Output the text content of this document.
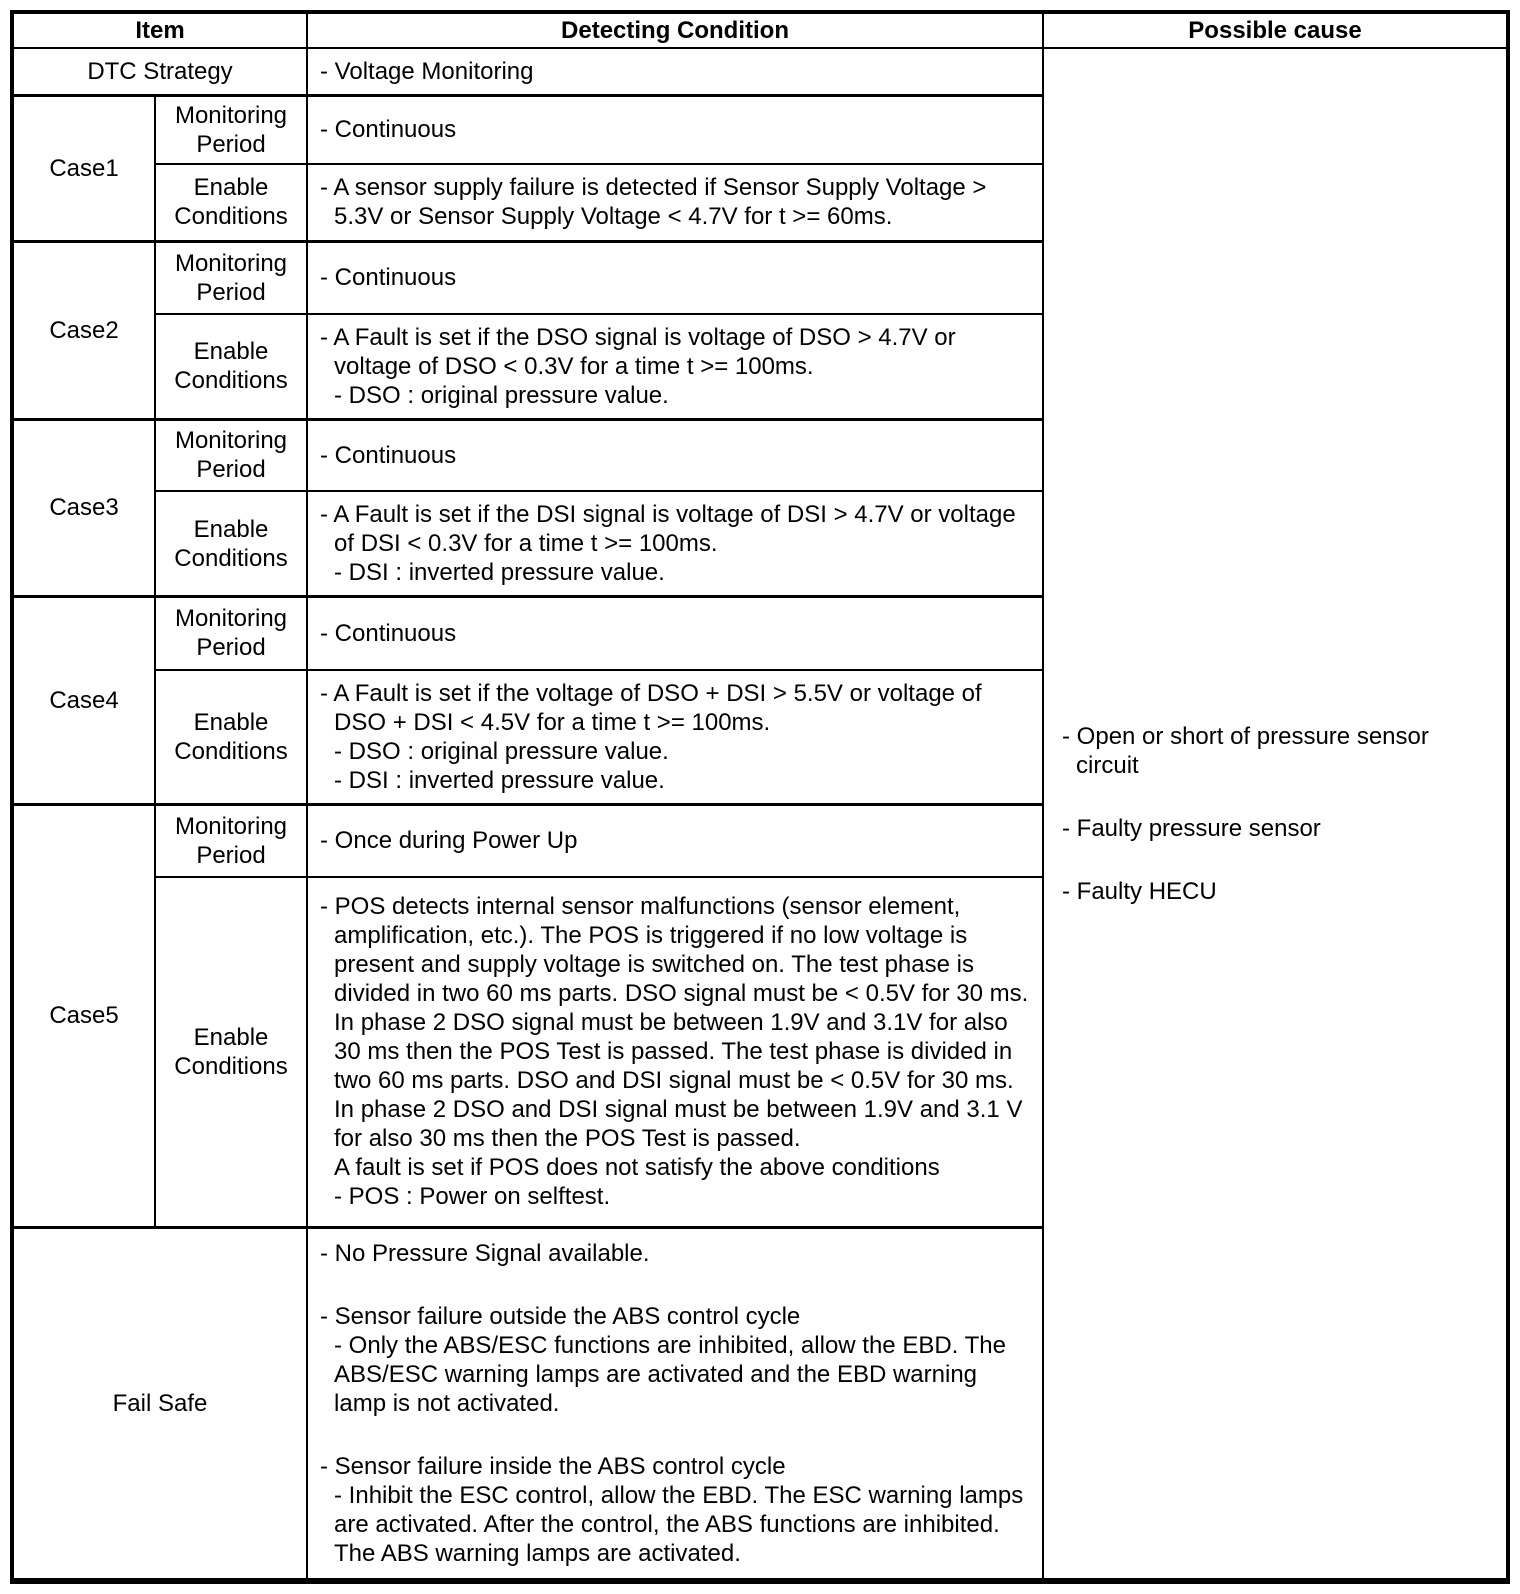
Item		Detecting Condition	Possible cause
DTC Strategy		- Voltage Monitoring	- Open or short of pressure sensor circuit
- Faulty pressure sensor
- Faulty HECU

Case1	Monitoring Period	- Continuous	

	Enable Conditions	- A sensor supply failure is detected if Sensor Supply Voltage > 5.3V or Sensor Supply Voltage < 4.7V for t >= 60ms.	

Case2	Monitoring Period	- Continuous	

	Enable Conditions	- A Fault is set if the DSO signal is voltage of DSO > 4.7V or voltage of DSO < 0.3V for a time t >= 100ms.
- DSO : original pressure value.	

Case3	Monitoring Period	- Continuous	

	Enable Conditions	- A Fault is set if the DSI signal is voltage of DSI > 4.7V or voltage of DSI < 0.3V for a time t >= 100ms.
- DSI : inverted pressure value.	

Case4	Monitoring Period	- Continuous	

	Enable Conditions	- A Fault is set if the voltage of DSO + DSI > 5.5V or voltage of DSO + DSI < 4.5V for a time t >= 100ms.
- DSO : original pressure value.
- DSI : inverted pressure value.	

Case5	Monitoring Period	- Once during Power Up	

	Enable Conditions	- POS detects internal sensor malfunctions (sensor element, amplification, etc.). The POS is triggered if no low voltage is present and supply voltage is switched on. The test phase is divided in two 60 ms parts. DSO signal must be < 0.5V for 30 ms. In phase 2 DSO signal must be between 1.9V and 3.1V for also 30 ms then the POS Test is passed. The test phase is divided in two 60 ms parts. DSO and DSI signal must be < 0.5V for 30 ms. In phase 2 DSO and DSI signal must be between 1.9V and 3.1 V for also 30 ms then the POS Test is passed.
A fault is set if POS does not satisfy the above conditions
- POS : Power on selftest.	

Fail Safe		- No Pressure Signal available.
- Sensor failure outside the ABS control cycle
- Only the ABS/ESC functions are inhibited, allow the EBD. The ABS/ESC warning lamps are activated and the EBD warning lamp is not activated.
- Sensor failure inside the ABS control cycle
- Inhibit the ESC control, allow the EBD. The ESC warning lamps are activated. After the control, the ABS functions are inhibited. The ABS warning lamps are activated.	
